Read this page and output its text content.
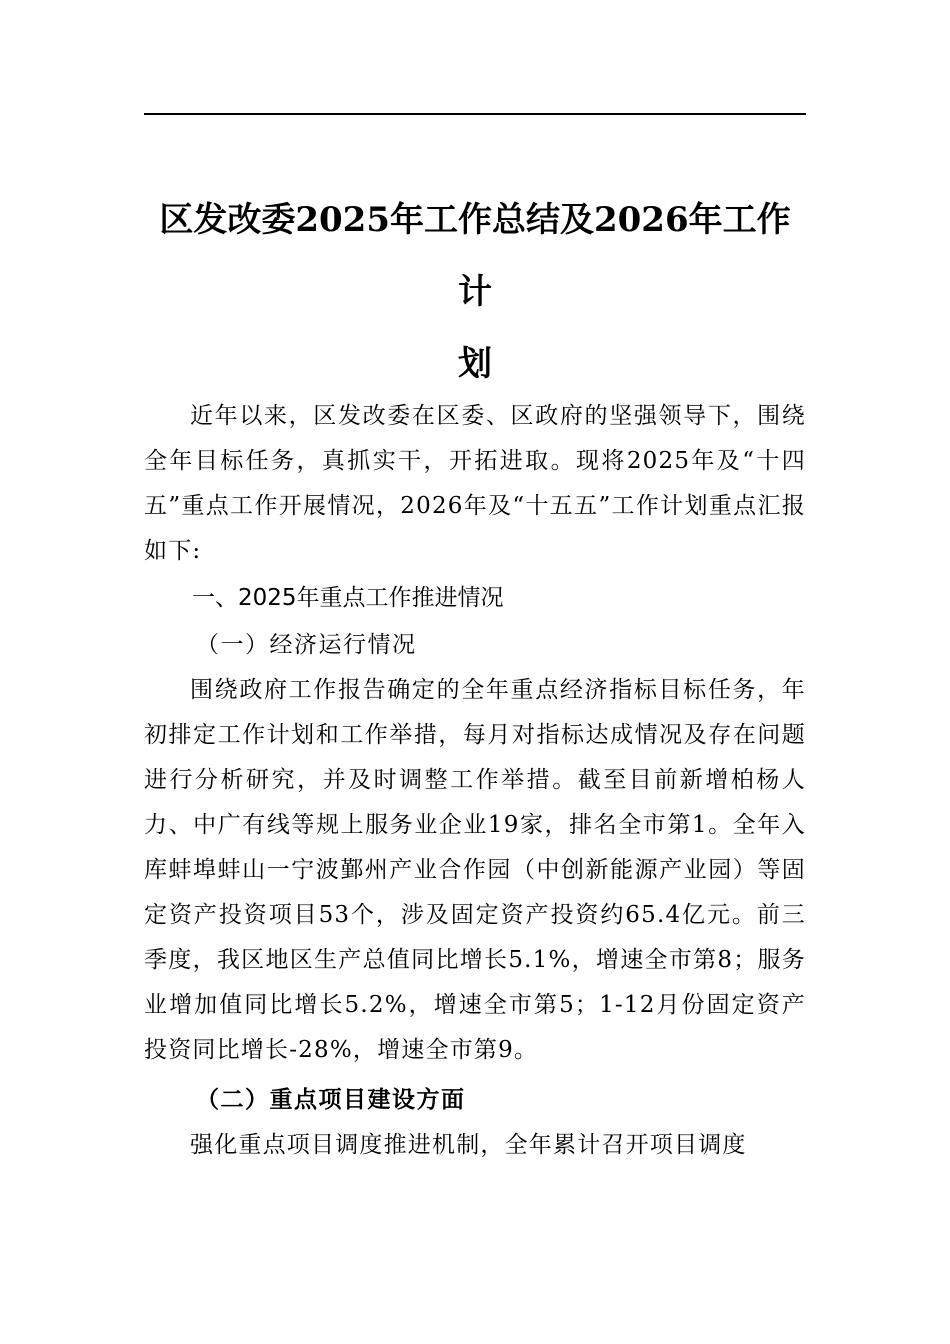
区发改委2025年工作总结及2026年工作计
划

近年以来，区发改委在区委、区政府的坚强领导下，围绕全年目标任务，真抓实干，开拓进取。现将2025年及“十四五”重点工作开展情况，2026年及“十五五”工作计划重点汇报如下:

一、2025年重点工作推进情况

（一）经济运行情况

围绕政府工作报告确定的全年重点经济指标目标任务，年初排定工作计划和工作举措，每月对指标达成情况及存在问题进行分析研究，并及时调整工作举措。截至目前新增柏杨人力、中广有线等规上服务业企业19家，排名全市第1。全年入库蚌埠蚌山一宁波鄞州产业合作园（中创新能源产业园）等固定资产投资项目53个，涉及固定资产投资约65.4亿元。前三季度，我区地区生产总值同比增长5.1%，增速全市第8；服务业增加值同比增长5.2%，增速全市第5；1-12月份固定资产投资同比增长-28%，增速全市第9。

（二）重点项目建设方面

强化重点项目调度推进机制，全年累计召开项目调度
